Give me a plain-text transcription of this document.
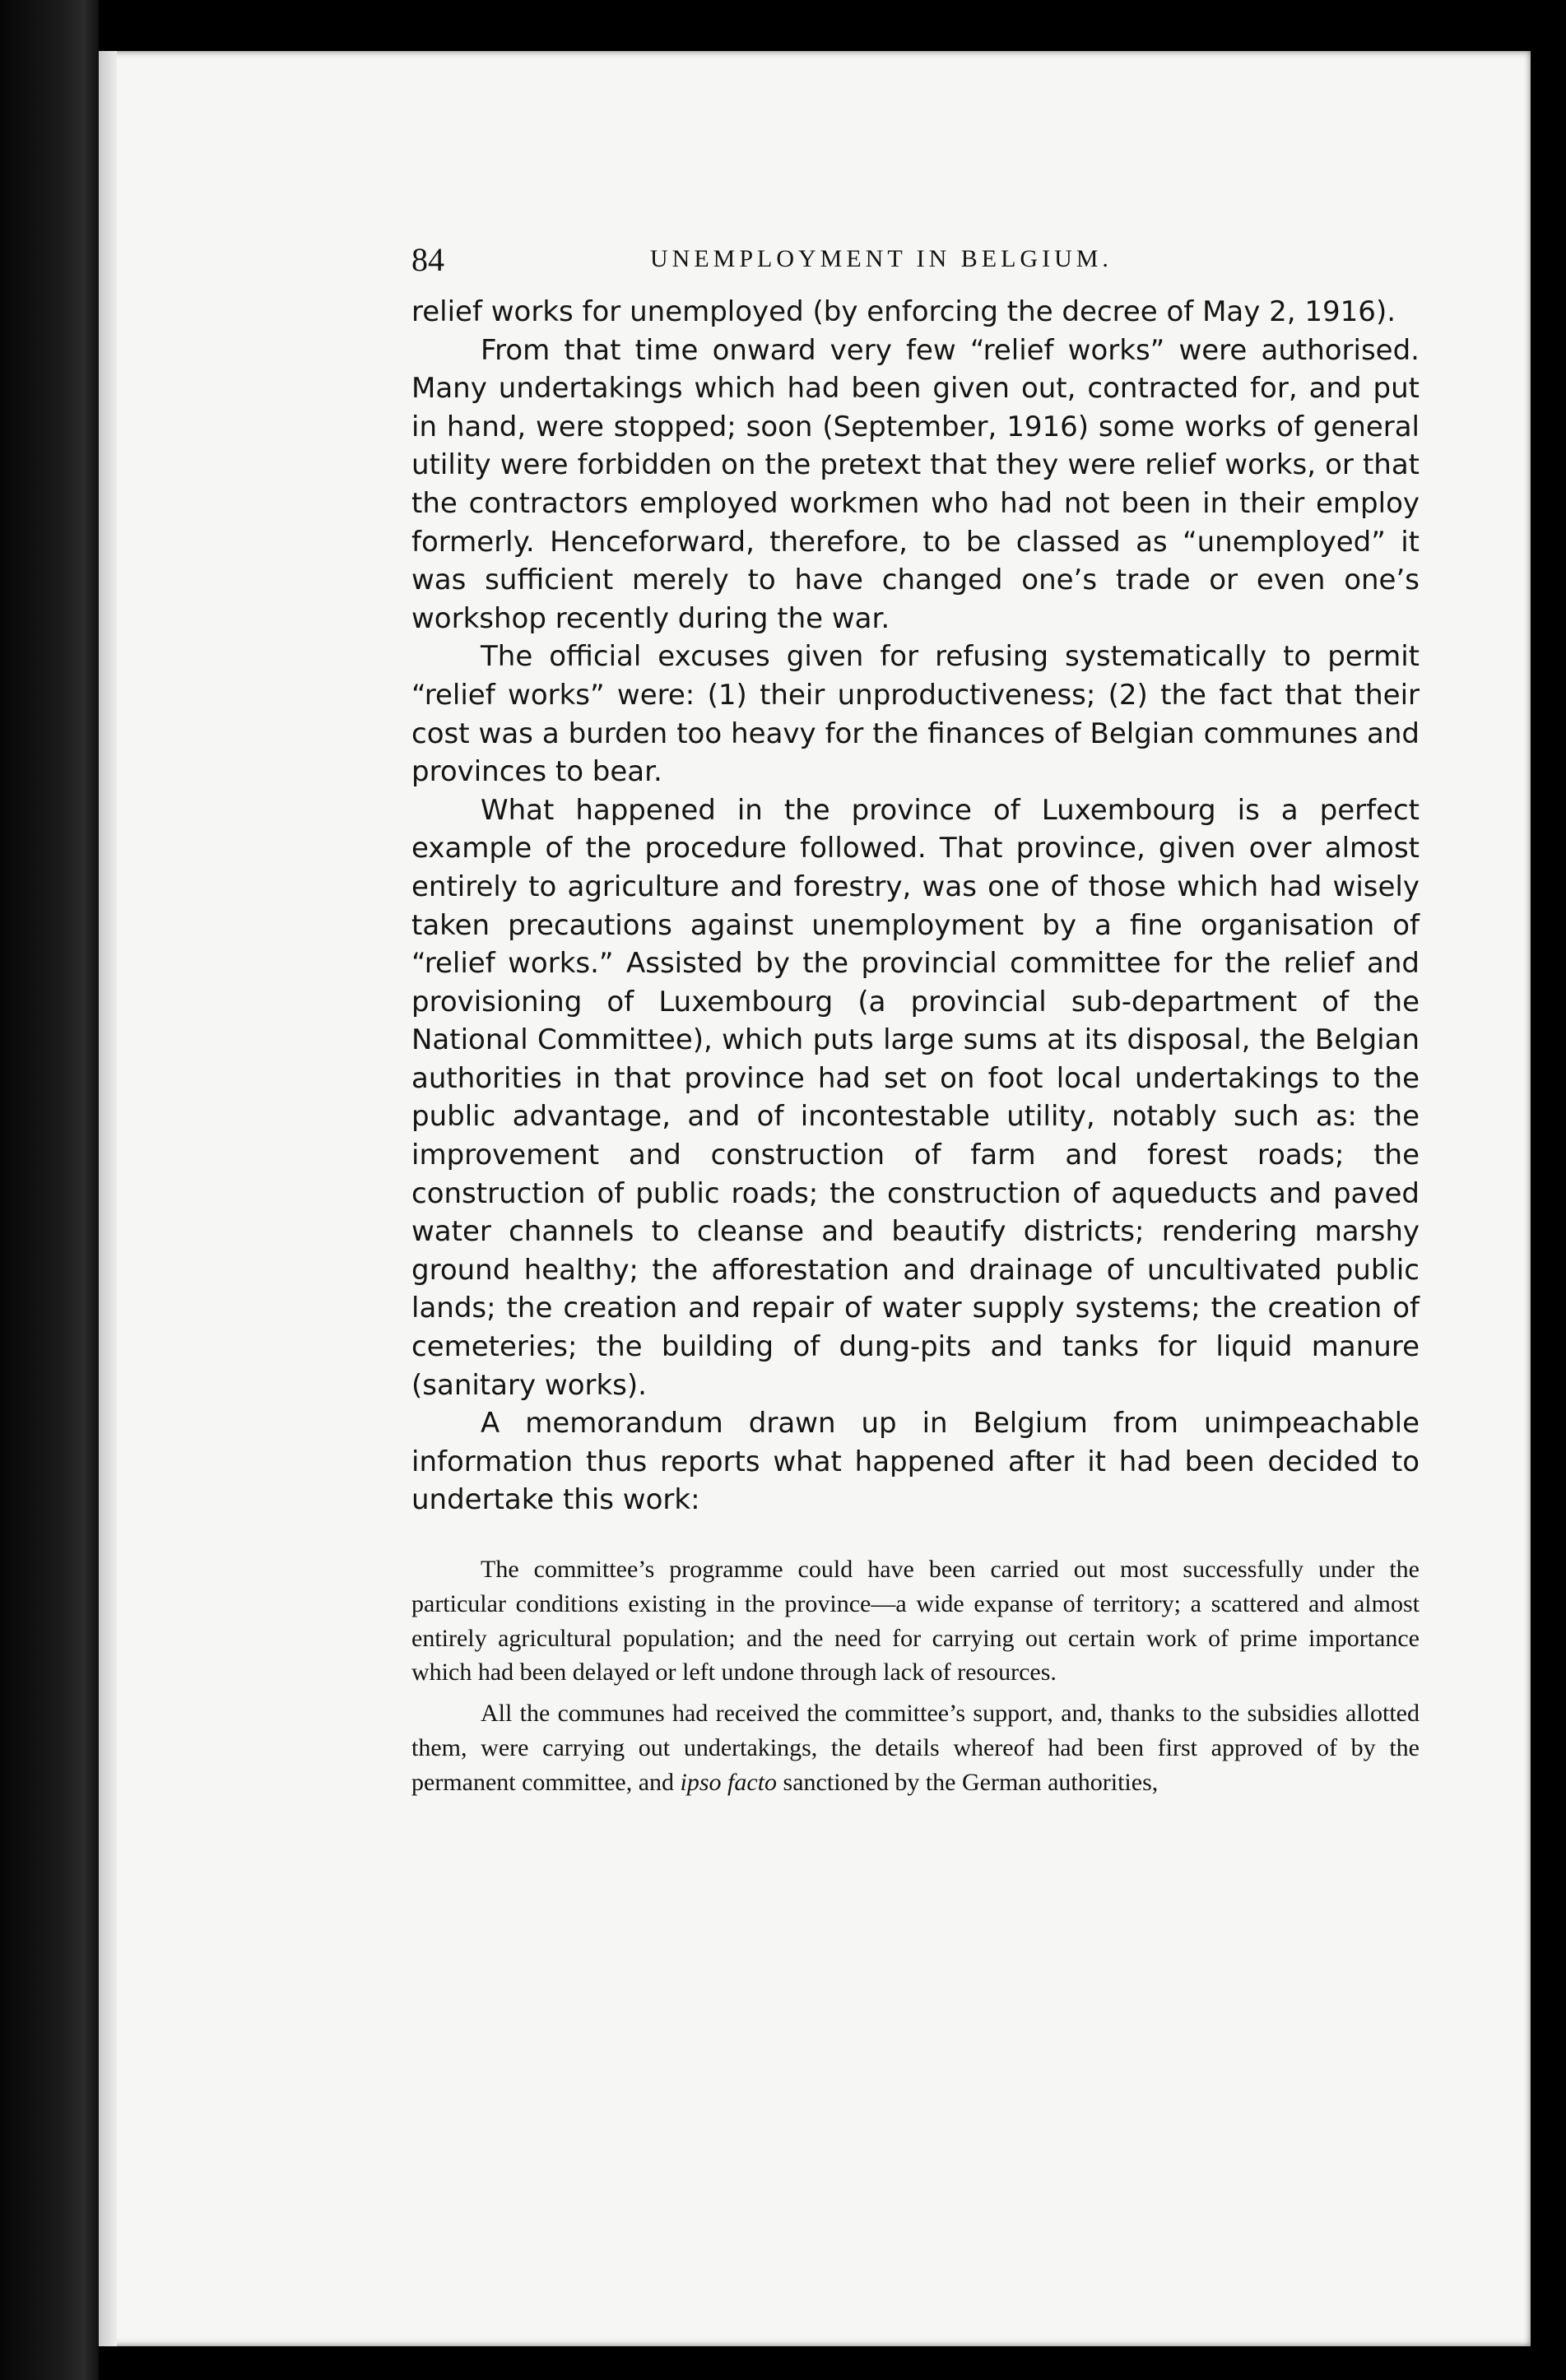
84	UNEMPLOYMENT IN BELGIUM.

relief works for unemployed (by enforcing the decree of May 2, 1916).

From that time onward very few “relief works” were authorised. Many undertakings which had been given out, contracted for, and put in hand, were stopped; soon (September, 1916) some works of general utility were forbidden on the pretext that they were relief works, or that the contractors employed workmen who had not been in their employ formerly. Henceforward, therefore, to be classed as “unemployed” it was sufficient merely to have changed one’s trade or even one’s workshop recently during the war.

The official excuses given for refusing systematically to permit “relief works” were: (1) their unproductiveness; (2) the fact that their cost was a burden too heavy for the finances of Belgian communes and provinces to bear.

What happened in the province of Luxembourg is a perfect example of the procedure followed. That province, given over almost entirely to agriculture and forestry, was one of those which had wisely taken precautions against unemployment by a fine organisation of “relief works.” Assisted by the provincial committee for the relief and provisioning of Luxembourg (a provincial sub-department of the National Committee), which puts large sums at its disposal, the Belgian authorities in that province had set on foot local undertakings to the public advantage, and of incontestable utility, notably such as: the improvement and construction of farm and forest roads; the construction of public roads; the construction of aqueducts and paved water channels to cleanse and beautify districts; rendering marshy ground healthy; the afforestation and drainage of uncultivated public lands; the creation and repair of water supply systems; the creation of cemeteries; the building of dung-pits and tanks for liquid manure (sanitary works).

A memorandum drawn up in Belgium from unimpeachable information thus reports what happened after it had been decided to undertake this work:

The committee’s programme could have been carried out most successfully under the particular conditions existing in the province—a wide expanse of territory; a scattered and almost entirely agricultural population; and the need for carrying out certain work of prime importance which had been delayed or left undone through lack of resources.

All the communes had received the committee’s support, and, thanks to the subsidies allotted them, were carrying out undertakings, the details whereof had been first approved of by the permanent committee, and ipso facto sanctioned by the German authorities,
